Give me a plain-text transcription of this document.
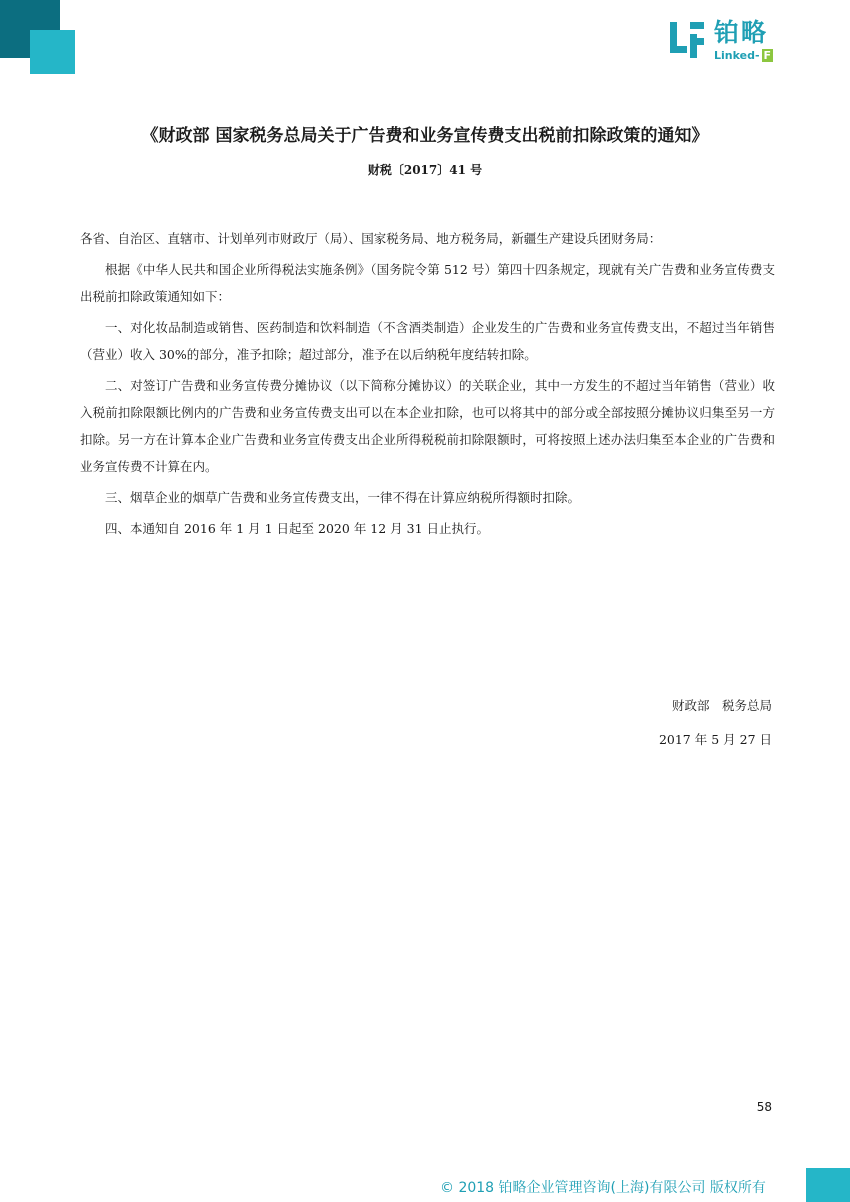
铂略
Linked- F
《财政部 国家税务总局关于广告费和业务宣传费支出税前扣除政策的通知》
财税〔2017〕41 号

各省、自治区、直辖市、计划单列市财政厅（局）、国家税务局、地方税务局，新疆生产建设兵团财务局：

根据《中华人民共和国企业所得税法实施条例》（国务院令第 512 号）第四十四条规定，现就有关广告费和业务宣传费支出税前扣除政策通知如下：

一、对化妆品制造或销售、医药制造和饮料制造（不含酒类制造）企业发生的广告费和业务宣传费支出，不超过当年销售（营业）收入 30%的部分，准予扣除；超过部分，准予在以后纳税年度结转扣除。

二、对签订广告费和业务宣传费分摊协议（以下简称分摊协议）的关联企业，其中一方发生的不超过当年销售（营业）收入税前扣除限额比例内的广告费和业务宣传费支出可以在本企业扣除，也可以将其中的部分或全部按照分摊协议归集至另一方扣除。另一方在计算本企业广告费和业务宣传费支出企业所得税税前扣除限额时，可将按照上述办法归集至本企业的广告费和业务宣传费不计算在内。

三、烟草企业的烟草广告费和业务宣传费支出，一律不得在计算应纳税所得额时扣除。

四、本通知自 2016 年 1 月 1 日起至 2020 年 12 月 31 日止执行。

财政部　税务总局
2017 年 5 月 27 日
58
© 2018 铂略企业管理咨询(上海)有限公司 版权所有
